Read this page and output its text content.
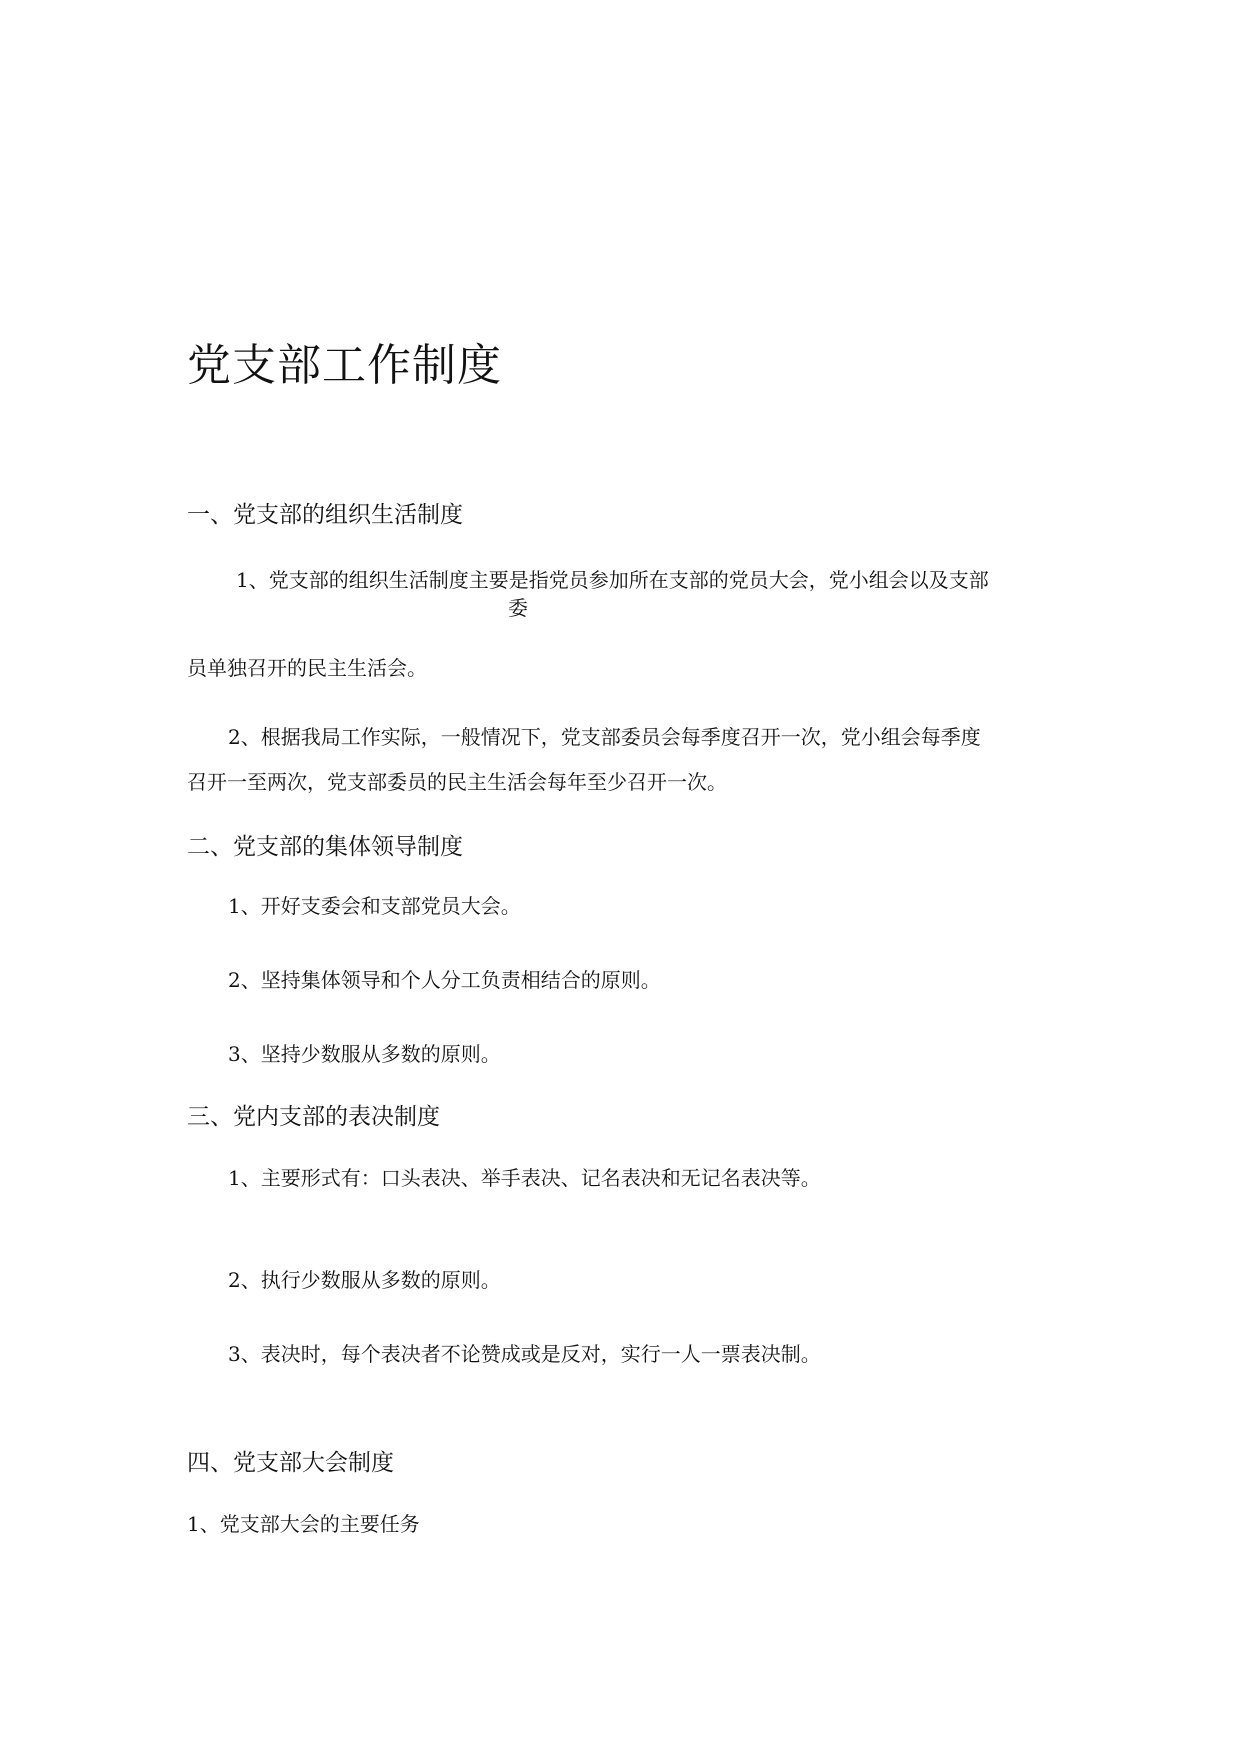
党支部工作制度
一、党支部的组织生活制度
1、党支部的组织生活制度主要是指党员参加所在支部的党员大会，党小组会以及支部
委
员单独召开的民主生活会。
2、根据我局工作实际，一般情况下，党支部委员会每季度召开一次，党小组会每季度
召开一至两次，党支部委员的民主生活会每年至少召开一次。
二、党支部的集体领导制度
1、开好支委会和支部党员大会。
2、坚持集体领导和个人分工负责相结合的原则。
3、坚持少数服从多数的原则。
三、党内支部的表决制度
1、主要形式有：口头表决、举手表决、记名表决和无记名表决等。
2、执行少数服从多数的原则。
3、表决时，每个表决者不论赞成或是反对，实行一人一票表决制。
四、党支部大会制度
1、党支部大会的主要任务
